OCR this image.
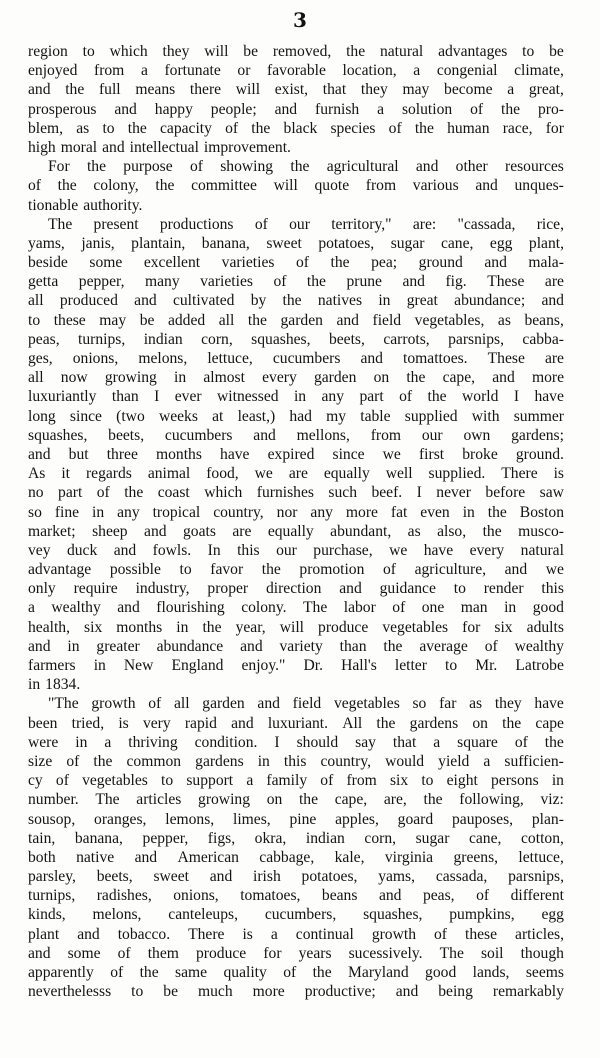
3
region to which they will be removed, the natural advantages to be
enjoyed from a fortunate or favorable location, a congenial climate,
and the full means there will exist, that they may become a great,
prosperous and happy people; and furnish a solution of the pro-
blem, as to the capacity of the black species of the human race, for
high moral and intellectual improvement.
For the purpose of showing the agricultural and other resources
of the colony, the committee will quote from various and unques-
tionable authority.
The present productions of our territory," are: "cassada, rice,
yams, janis, plantain, banana, sweet potatoes, sugar cane, egg plant,
beside some excellent varieties of the pea; ground and mala-
getta pepper, many varieties of the prune and fig. These are
all produced and cultivated by the natives in great abundance; and
to these may be added all the garden and field vegetables, as beans,
peas, turnips, indian corn, squashes, beets, carrots, parsnips, cabba-
ges, onions, melons, lettuce, cucumbers and tomattoes. These are
all now growing in almost every garden on the cape, and more
luxuriantly than I ever witnessed in any part of the world I have
long since (two weeks at least,) had my table supplied with summer
squashes, beets, cucumbers and mellons, from our own gardens;
and but three months have expired since we first broke ground.
As it regards animal food, we are equally well supplied. There is
no part of the coast which furnishes such beef. I never before saw
so fine in any tropical country, nor any more fat even in the Boston
market; sheep and goats are equally abundant, as also, the musco-
vey duck and fowls. In this our purchase, we have every natural
advantage possible to favor the promotion of agriculture, and we
only require industry, proper direction and guidance to render this
a wealthy and flourishing colony. The labor of one man in good
health, six months in the year, will produce vegetables for six adults
and in greater abundance and variety than the average of wealthy
farmers in New England enjoy." Dr. Hall's letter to Mr. Latrobe
in 1834.
"The growth of all garden and field vegetables so far as they have
been tried, is very rapid and luxuriant. All the gardens on the cape
were in a thriving condition. I should say that a square of the
size of the common gardens in this country, would yield a sufficien-
cy of vegetables to support a family of from six to eight persons in
number. The articles growing on the cape, are, the following, viz:
sousop, oranges, lemons, limes, pine apples, goard pauposes, plan-
tain, banana, pepper, figs, okra, indian corn, sugar cane, cotton,
both native and American cabbage, kale, virginia greens, lettuce,
parsley, beets, sweet and irish potatoes, yams, cassada, parsnips,
turnips, radishes, onions, tomatoes, beans and peas, of different
kinds, melons, canteleups, cucumbers, squashes, pumpkins, egg
plant and tobacco. There is a continual growth of these articles,
and some of them produce for years sucessively. The soil though
apparently of the same quality of the Maryland good lands, seems
neverthelesss to be much more productive; and being remarkably
